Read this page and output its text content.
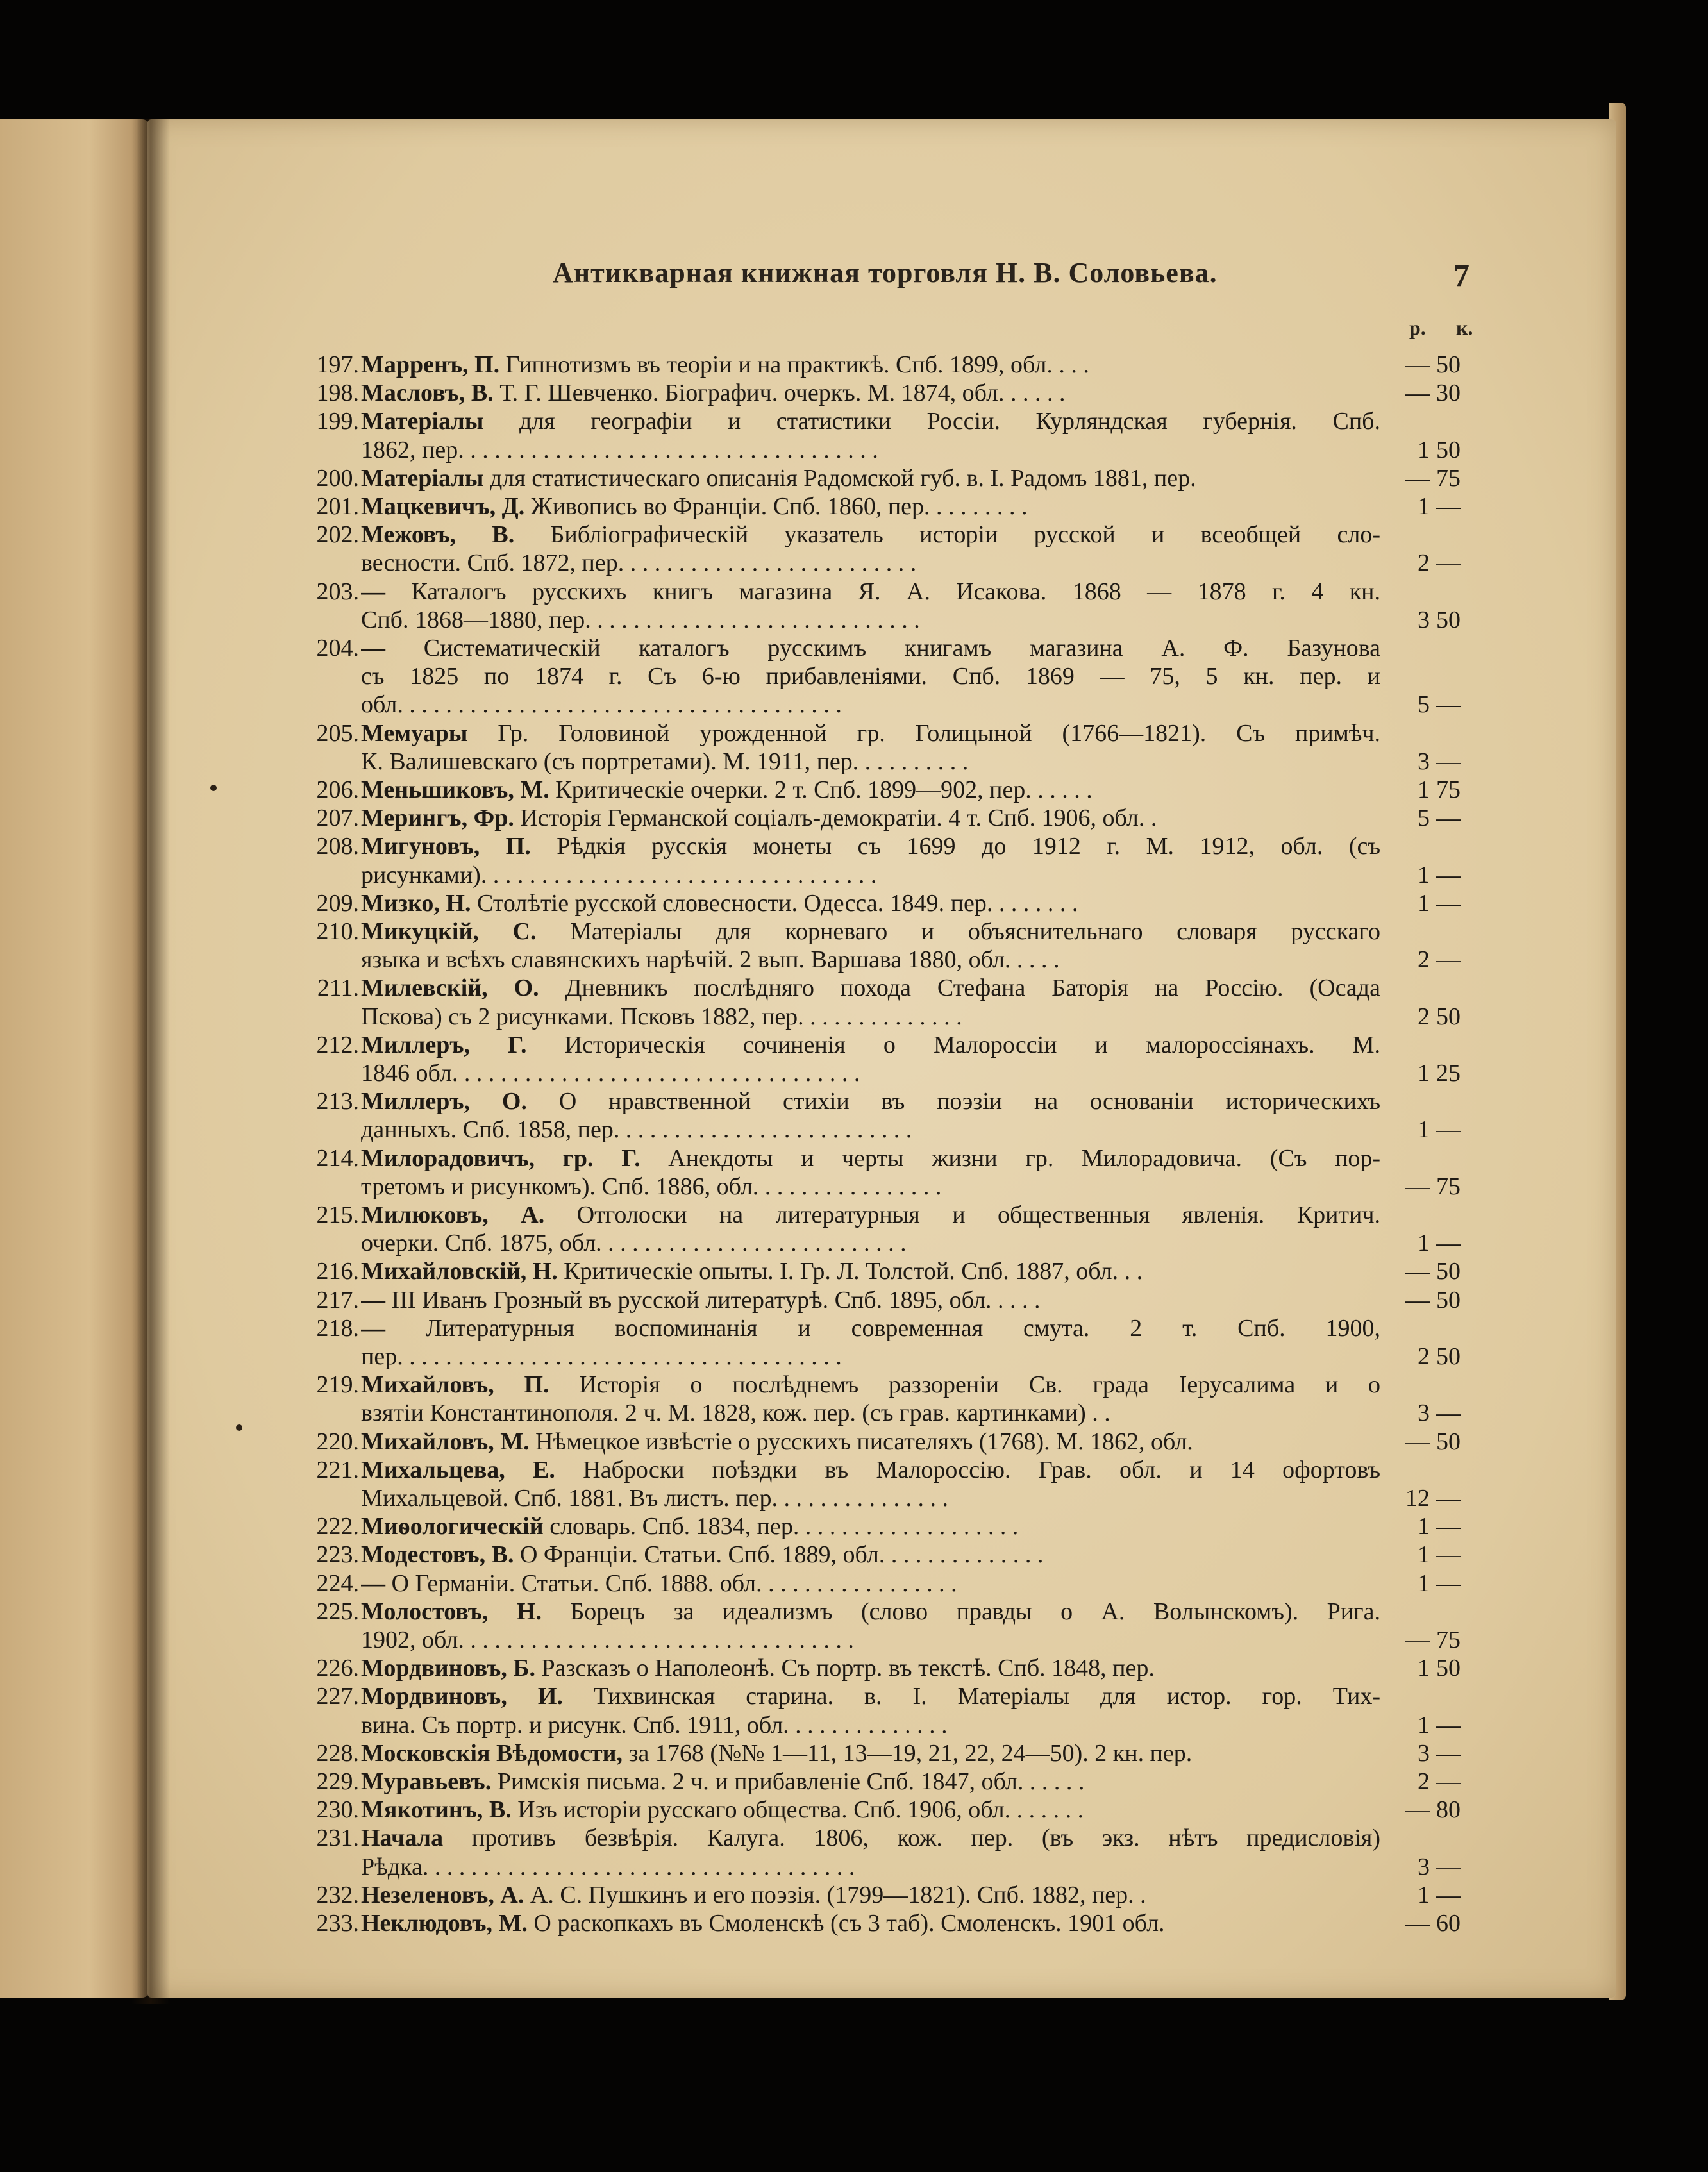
Антикварная книжная торговля Н. В. Соловьева.	7
р. к.
197. Марренъ, П. Гипнотизмъ въ теоріи и на практикѣ. Спб. 1899, обл. . . .	— 50
198. Масловъ, В. Т. Г. Шевченко. Біографич. очеркъ. М. 1874, обл. . . . . .	— 30
199. Матеріалы для географіи и статистики Россіи. Курляндская губернія. Спб.
1862, пер. . . . . . . . . . . . . . . . . . . . . . . . . . . . . . . . . . .	1 50
200. Матеріалы для статистическаго описанія Радомской губ. в. I. Радомъ 1881, пер.	— 75
201. Мацкевичъ, Д. Живопись во Франціи. Спб. 1860, пер. . . . . . . . .	1 —
202. Межовъ, В. Библіографическій указатель исторіи русской и всеобщей сло-
весности. Спб. 1872, пер. . . . . . . . . . . . . . . . . . . . . . . . .	2 —
203. — Каталогъ русскихъ книгъ магазина Я. А. Исакова. 1868 — 1878 г. 4 кн.
Спб. 1868—1880, пер. . . . . . . . . . . . . . . . . . . . . . . . . . . .	3 50
204. — Систематическій каталогъ русскимъ книгамъ магазина А. Ф. Базунова
съ 1825 по 1874 г. Съ 6-ю прибавленіями. Спб. 1869 — 75, 5 кн. пер. и
обл. . . . . . . . . . . . . . . . . . . . . . . . . . . . . . . . . . . . .	5 —
205. Мемуары Гр. Головиной урожденной гр. Голицыной (1766—1821). Съ примѣч.
К. Валишевскаго (съ портретами). М. 1911, пер. . . . . . . . . .	3 —
206. Меньшиковъ, М. Критическіе очерки. 2 т. Спб. 1899—902, пер. . . . . .	1 75
207. Мерингъ, Фр. Исторія Германской соціалъ-демократіи. 4 т. Спб. 1906, обл. .	5 —
208. Мигуновъ, П. Рѣдкія русскія монеты съ 1699 до 1912 г. М. 1912, обл. (съ
рисунками). . . . . . . . . . . . . . . . . . . . . . . . . . . . . . . . .	1 —
209. Мизко, Н. Столѣтіе русской словесности. Одесса. 1849. пер. . . . . . . .	1 —
210. Микуцкій, С. Матеріалы для корневаго и объяснительнаго словаря русскаго
языка и всѣхъ славянскихъ нарѣчій. 2 вып. Варшава 1880, обл. . . . .	2 —
211. Милевскій, О. Дневникъ послѣдняго похода Стефана Баторія на Россію. (Осада
Пскова) съ 2 рисунками. Псковъ 1882, пер. . . . . . . . . . . . . .	2 50
212. Миллеръ, Г. Историческія сочиненія о Малороссіи и малороссіянахъ. М.
1846 обл. . . . . . . . . . . . . . . . . . . . . . . . . . . . . . . . . .	1 25
213. Миллеръ, О. О нравственной стихіи въ поэзіи на основаніи историческихъ
данныхъ. Спб. 1858, пер. . . . . . . . . . . . . . . . . . . . . . . . .	1 —
214. Милорадовичъ, гр. Г. Анекдоты и черты жизни гр. Милорадовича. (Съ пор-
третомъ и рисункомъ). Спб. 1886, обл. . . . . . . . . . . . . . . .	— 75
215. Милюковъ, А. Отголоски на литературныя и общественныя явленія. Критич.
очерки. Спб. 1875, обл. . . . . . . . . . . . . . . . . . . . . . . . . .	1 —
216. Михайловскій, Н. Критическіе опыты. I. Гр. Л. Толстой. Спб. 1887, обл. . .	— 50
217. — III Иванъ Грозный въ русской литературѣ. Спб. 1895, обл. . . . .	— 50
218. — Литературныя воспоминанія и современная смута. 2 т. Спб. 1900,
пер. . . . . . . . . . . . . . . . . . . . . . . . . . . . . . . . . . . . .	2 50
219. Михайловъ, П. Исторія о послѣднемъ раззореніи Св. града Іерусалима и о
взятіи Константинополя. 2 ч. М. 1828, кож. пер. (съ грав. картинками) . .	3 —
220. Михайловъ, М. Нѣмецкое извѣстіе о русскихъ писателяхъ (1768). М. 1862, обл.	— 50
221. Михальцева, Е. Наброски поѣздки въ Малороссію. Грав. обл. и 14 офортовъ
Михальцевой. Спб. 1881. Въ листъ. пер. . . . . . . . . . . . . . .	12 —
222. Миѳологическій словарь. Спб. 1834, пер. . . . . . . . . . . . . . . . . . .	1 —
223. Модестовъ, В. О Франціи. Статьи. Спб. 1889, обл. . . . . . . . . . . . . .	1 —
224. — О Германіи. Статьи. Спб. 1888. обл. . . . . . . . . . . . . . . . .	1 —
225. Молостовъ, Н. Борецъ за идеализмъ (слово правды о А. Волынскомъ). Рига.
1902, обл. . . . . . . . . . . . . . . . . . . . . . . . . . . . . . . . .	— 75
226. Мордвиновъ, Б. Разсказъ о Наполеонѣ. Съ портр. въ текстѣ. Спб. 1848, пер.	1 50
227. Мордвиновъ, И. Тихвинская старина. в. I. Матеріалы для истор. гор. Тих-
вина. Съ портр. и рисунк. Спб. 1911, обл. . . . . . . . . . . . . .	1 —
228. Московскія Вѣдомости, за 1768 (№№ 1—11, 13—19, 21, 22, 24—50). 2 кн. пер.	3 —
229. Муравьевъ. Римскія письма. 2 ч. и прибавленіе Спб. 1847, обл. . . . . .	2 —
230. Мякотинъ, В. Изъ исторіи русскаго общества. Спб. 1906, обл. . . . . . .	— 80
231. Начала противъ безвѣрія. Калуга. 1806, кож. пер. (въ экз. нѣтъ предисловія)
Рѣдка. . . . . . . . . . . . . . . . . . . . . . . . . . . . . . . . . . . .	3 —
232. Незеленовъ, А. А. С. Пушкинъ и его поэзія. (1799—1821). Спб. 1882, пер. .	1 —
233. Неклюдовъ, М. О раскопкахъ въ Смоленскѣ (съ 3 таб). Смоленскъ. 1901 обл.	— 60
